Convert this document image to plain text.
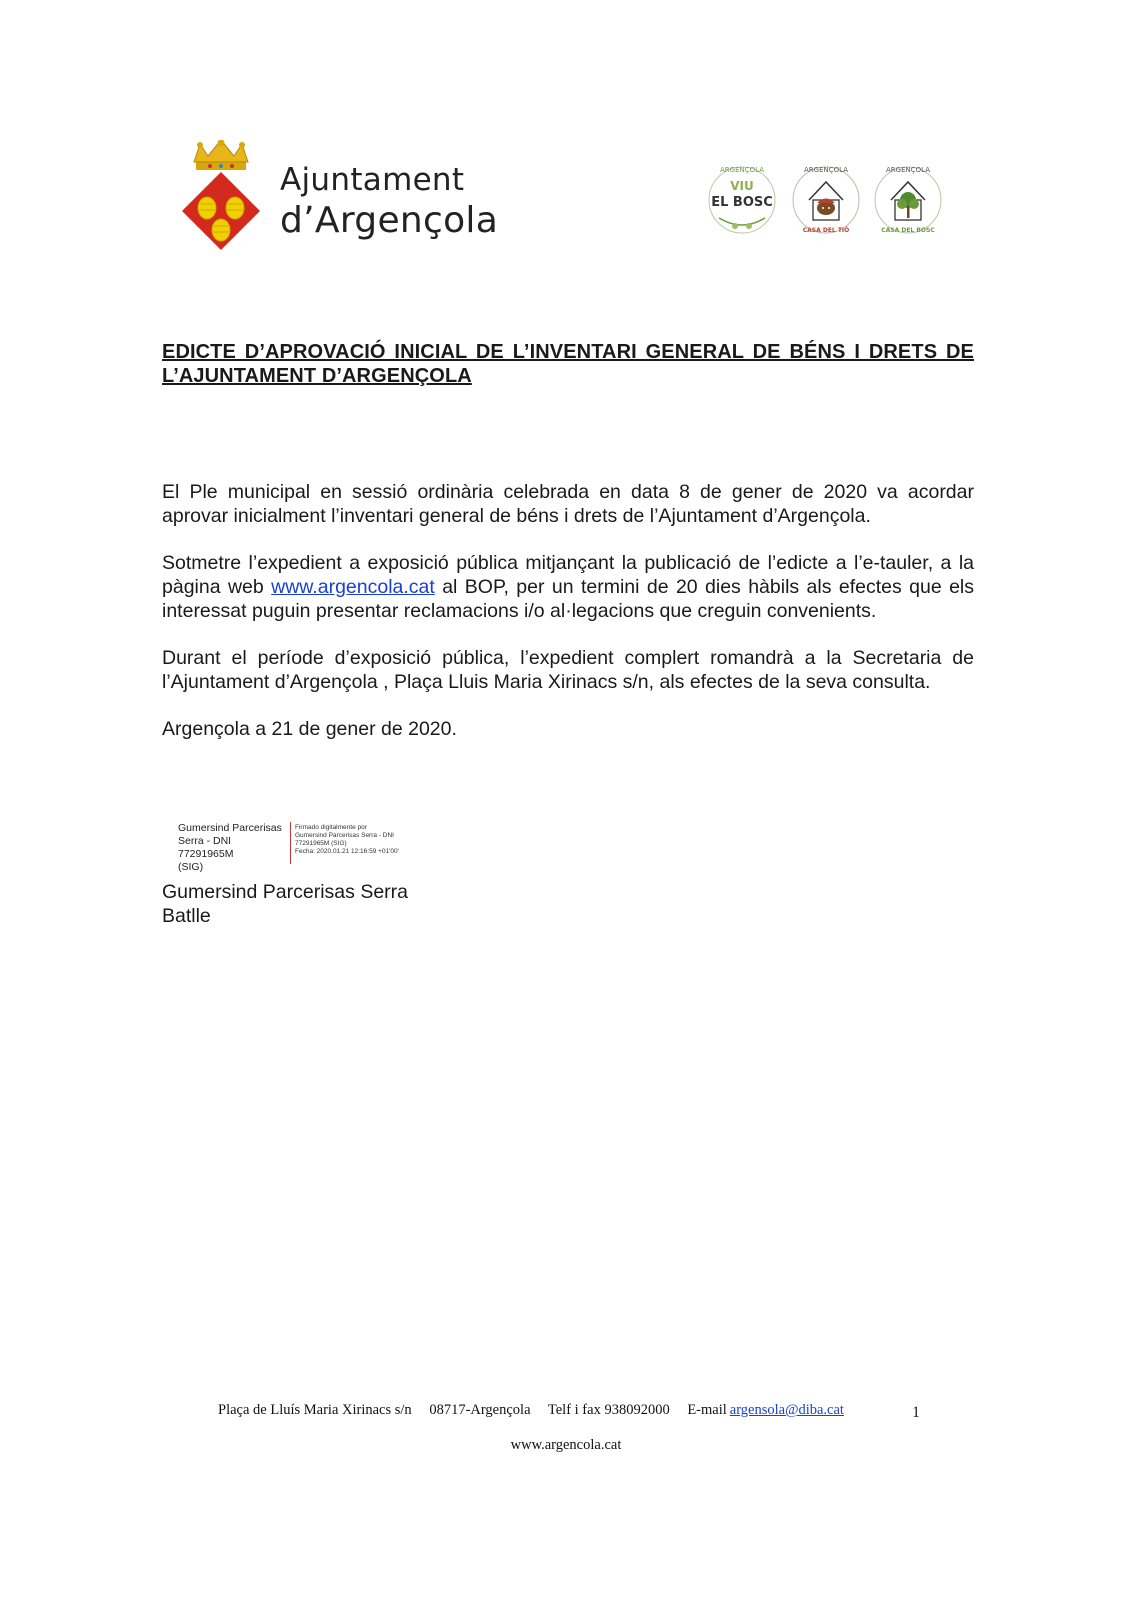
Ajuntament
d’Argençola
ARGENÇOLA
VIU
EL BOSC
ARGENÇOLA
CASA DEL TIÓ
ARGENÇOLA
CASA DEL BOSC
EDICTE D’APROVACIÓ INICIAL DE L’INVENTARI GENERAL DE BÉNS I DRETS DE L’AJUNTAMENT D’ARGENÇOLA

El Ple municipal en sessió ordinària celebrada en data 8 de gener de 2020 va acordar aprovar inicialment l’inventari general de béns i drets de l’Ajuntament d’Argençola.

Sotmetre l’expedient a exposició pública mitjançant la publicació de l’edicte a l’e-tauler, a la pàgina web www.argencola.cat al BOP, per un termini de 20 dies hàbils als efectes que els interessat puguin presentar reclamacions i/o al·legacions que creguin convenients.

Durant el període d’exposició pública, l’expedient complert romandrà a la Secretaria de l’Ajuntament d’Argençola , Plaça Lluis Maria Xirinacs s/n, als efectes de la seva consulta.

Argençola a 21 de gener de 2020.

Gumersind Parcerisas
Serra - DNI 77291965M
(SIG)
Firmado digitalmente por
Gumersind Parcerisas Serra - DNI
77291965M (SIG)
Fecha: 2020.01.21 12:16:59 +01'00'
Gumersind Parcerisas Serra
Batlle
Plaça de Lluís Maria Xirinacs s/n 08717-Argençola Telf i fax 938092000 E-mail argensola@diba.cat	1
www.argencola.cat
